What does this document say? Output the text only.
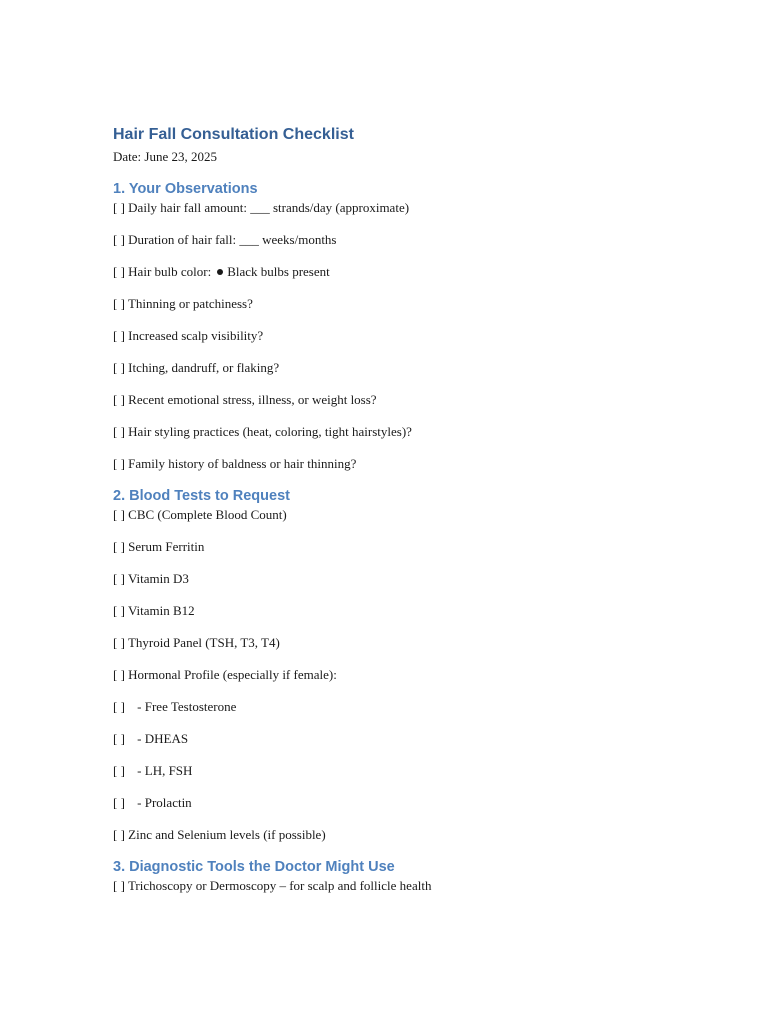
Hair Fall Consultation Checklist
Date: June 23, 2025
1. Your Observations
[ ] Daily hair fall amount: ___ strands/day (approximate)
[ ] Duration of hair fall: ___ weeks/months
[ ] Hair bulb color: Black bulbs present
[ ] Thinning or patchiness?
[ ] Increased scalp visibility?
[ ] Itching, dandruff, or flaking?
[ ] Recent emotional stress, illness, or weight loss?
[ ] Hair styling practices (heat, coloring, tight hairstyles)?
[ ] Family history of baldness or hair thinning?
2. Blood Tests to Request
[ ] CBC (Complete Blood Count)
[ ] Serum Ferritin
[ ] Vitamin D3
[ ] Vitamin B12
[ ] Thyroid Panel (TSH, T3, T4)
[ ] Hormonal Profile (especially if female):
[ ] - Free Testosterone
[ ] - DHEAS
[ ] - LH, FSH
[ ] - Prolactin
[ ] Zinc and Selenium levels (if possible)
3. Diagnostic Tools the Doctor Might Use
[ ] Trichoscopy or Dermoscopy – for scalp and follicle health
